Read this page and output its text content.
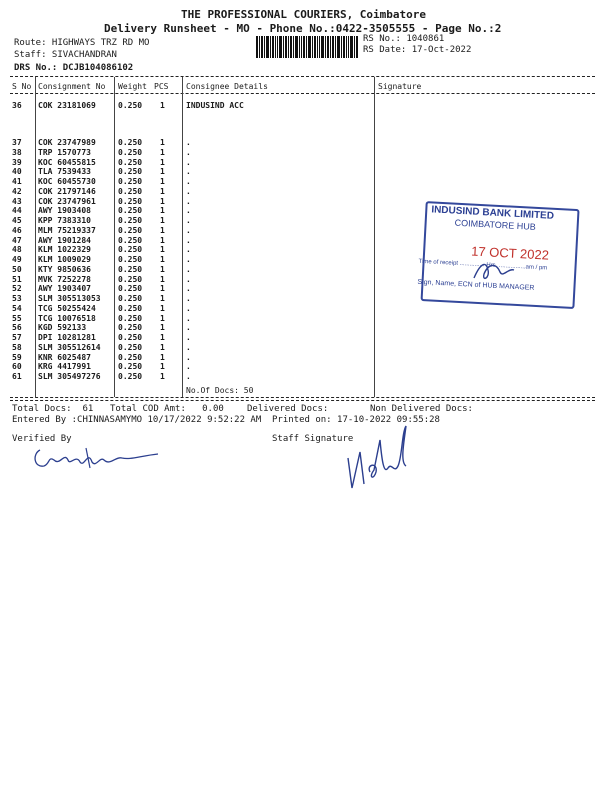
THE PROFESSIONAL COURIERS, Coimbatore
Delivery Runsheet - MO - Phone No.:0422-3505555 - Page No.:2
Route: HIGHWAYS TRZ RD MO
Staff: SIVACHANDRAN
DRS No.: DCJB104086102
RS No.: 1040861
RS Date: 17-Oct-2022
S No Consignment No Weight PCS Consignee Details	Signature
36 COK 23181069	0.250 1	INDUSIND ACC
37 COK 23747989	0.250 1	.
38 TRP 1570773	0.250 1	.
39 KOC 60455815	0.250 1	.
40 TLA 7539433	0.250 1	.
41 KOC 60455730	0.250 1	.
42 COK 21797146	0.250 1	.
43 COK 23747961	0.250 1	.
44 AWY 1903408	0.250 1	.
45 KPP 7383310	0.250 1	.
46 MLM 75219337	0.250 1	.
47 AWY 1901284	0.250 1	.
48 KLM 1022329	0.250 1	.
49 KLM 1009029	0.250 1	.
50 KTY 9850636	0.250 1	.
51 MVK 7252278	0.250 1	.
52 AWY 1903407	0.250 1	.
53 SLM 305513053 0.250 1	.
54 TCG 50255424	0.250 1	.
55 TCG 10076518	0.250 1	.
56 KGD 592133	0.250 1	.
57 DPI 10281281	0.250 1	.
58 SLM 305512614 0.250 1	.
59 KNR 6025487	0.250 1	.
60 KRG 4417991	0.250 1	.
61 SLM 305497276 0.250 1	.
No.Of Docs: 50
INDUSIND BANK LIMITED
COIMBATORE HUB
17 OCT 2022
Time of receipt ............... Hrs. ................am / pm
Sign, Name, ECN of HUB MANAGER
Total Docs:  61 Total COD Amt:   0.00	Delivered Docs:	Non Delivered Docs:
Entered By :CHINNASAMYMO 10/17/2022 9:52:22 AM Printed on: 17-10-2022 09:55:28
Verified By	Staff Signature
